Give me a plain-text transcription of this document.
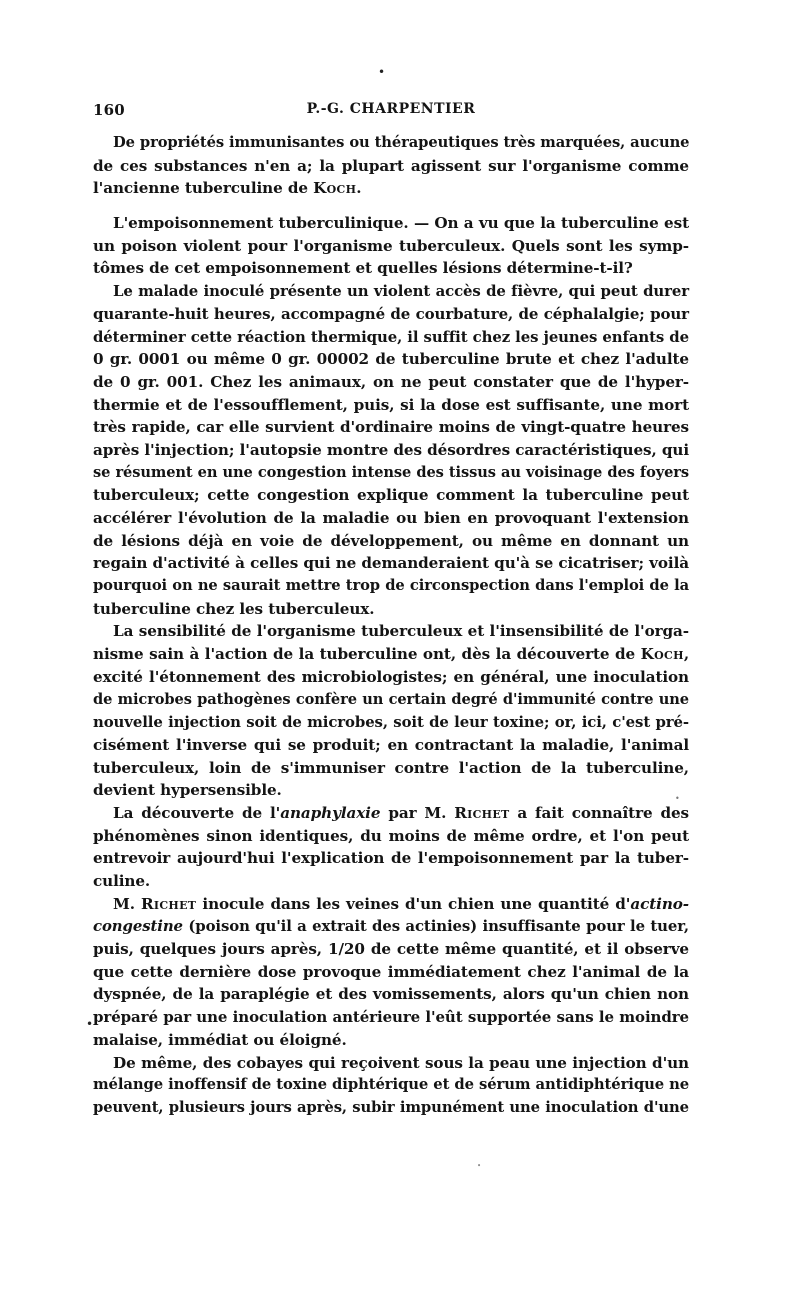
•
•
•
•
160	P.-G. CHARPENTIER
De propriétés immunisantes ou thérapeutiques très marquées, aucune
de ces substances n'en a; la plupart agissent sur l'organisme comme
l'ancienne tuberculine de Koch.
L'empoisonnement tuberculinique. — On a vu que la tuberculine est
un poison violent pour l'organisme tuberculeux. Quels sont les symp-
tômes de cet empoisonnement et quelles lésions détermine-t-il?
Le malade inoculé présente un violent accès de fièvre, qui peut durer
quarante-huit heures, accompagné de courbature, de céphalalgie; pour
déterminer cette réaction thermique, il suffit chez les jeunes enfants de
0 gr. 0001 ou même 0 gr. 00002 de tuberculine brute et chez l'adulte
de 0 gr. 001. Chez les animaux, on ne peut constater que de l'hyper-
thermie et de l'essoufflement, puis, si la dose est suffisante, une mort
très rapide, car elle survient d'ordinaire moins de vingt-quatre heures
après l'injection; l'autopsie montre des désordres caractéristiques, qui
se résument en une congestion intense des tissus au voisinage des foyers
tuberculeux; cette congestion explique comment la tuberculine peut
accélérer l'évolution de la maladie ou bien en provoquant l'extension
de lésions déjà en voie de développement, ou même en donnant un
regain d'activité à celles qui ne demanderaient qu'à se cicatriser; voilà
pourquoi on ne saurait mettre trop de circonspection dans l'emploi de la
tuberculine chez les tuberculeux.
La sensibilité de l'organisme tuberculeux et l'insensibilité de l'orga-
nisme sain à l'action de la tuberculine ont, dès la découverte de Koch,
excité l'étonnement des microbiologistes; en général, une inoculation
de microbes pathogènes confère un certain degré d'immunité contre une
nouvelle injection soit de microbes, soit de leur toxine; or, ici, c'est pré-
cisément l'inverse qui se produit; en contractant la maladie, l'animal
tuberculeux, loin de s'immuniser contre l'action de la tuberculine,
devient hypersensible.
La découverte de l'anaphylaxie par M. Richet a fait connaître des
phénomènes sinon identiques, du moins de même ordre, et l'on peut
entrevoir aujourd'hui l'explication de l'empoisonnement par la tuber-
culine.
M. Richet inocule dans les veines d'un chien une quantité d'actino-
congestine (poison qu'il a extrait des actinies) insuffisante pour le tuer,
puis, quelques jours après, 1/20 de cette même quantité, et il observe
que cette dernière dose provoque immédiatement chez l'animal de la
dyspnée, de la paraplégie et des vomissements, alors qu'un chien non
préparé par une inoculation antérieure l'eût supportée sans le moindre
malaise, immédiat ou éloigné.
De même, des cobayes qui reçoivent sous la peau une injection d'un
mélange inoffensif de toxine diphtérique et de sérum antidiphtérique ne
peuvent, plusieurs jours après, subir impunément une inoculation d'une
